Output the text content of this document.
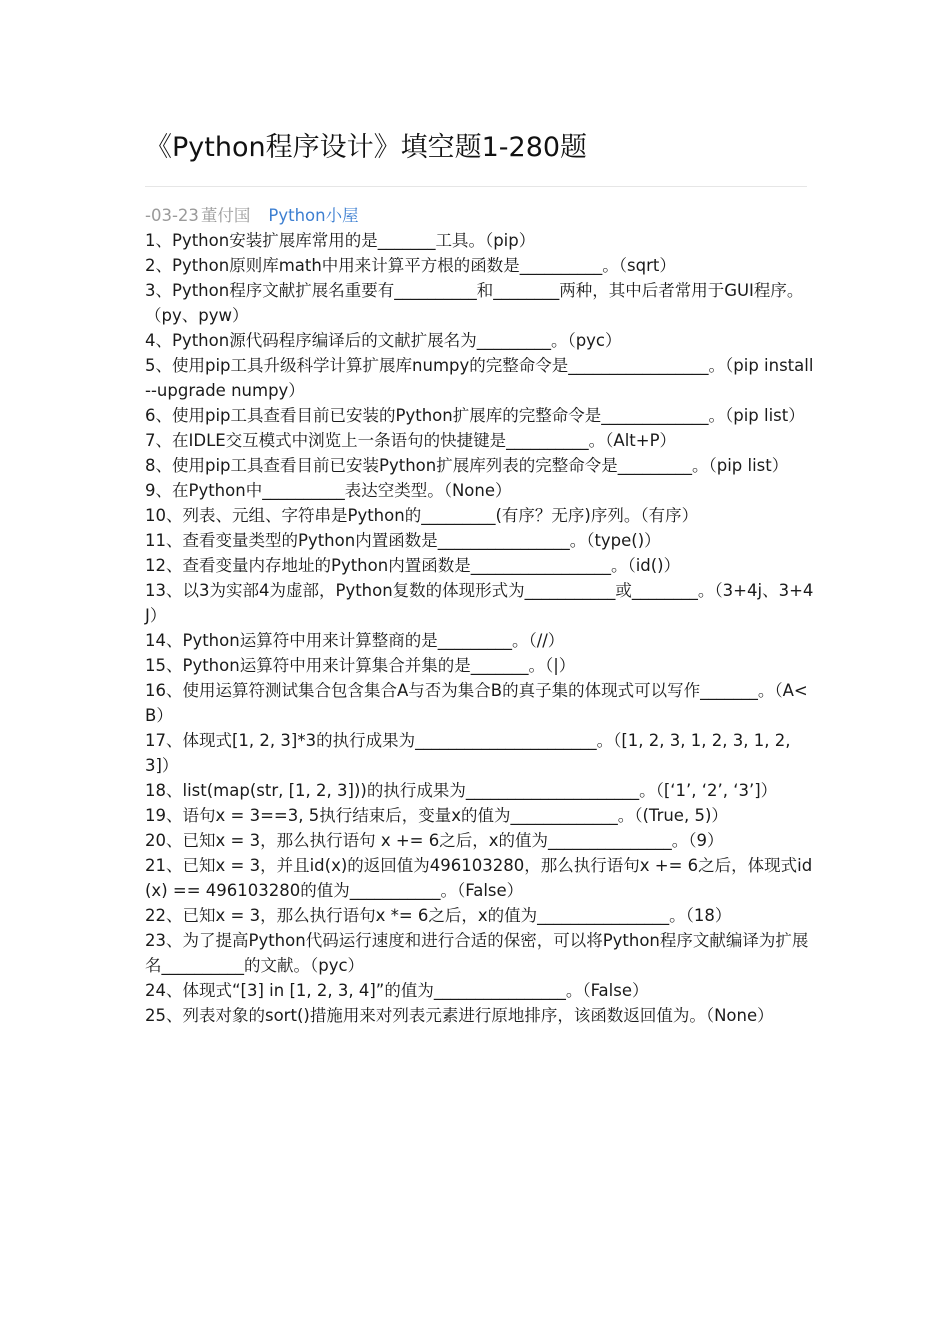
《Python程序设计》填空题1-280题
-03-23 董付国 Python小屋
1、Python安装扩展库常用的是_______工具。（pip）
2、Python原则库math中用来计算平方根的函数是__________。（sqrt）
3、Python程序文献扩展名重要有__________和________两种，其中后者常用于GUI程序。（py、pyw）
4、Python源代码程序编译后的文献扩展名为_________。（pyc）
5、使用pip工具升级科学计算扩展库numpy的完整命令是_________________。（pip install --upgrade numpy）
6、使用pip工具查看目前已安装的Python扩展库的完整命令是_____________。（pip list）
7、在IDLE交互模式中浏览上一条语句的快捷键是__________。（Alt+P）
8、使用pip工具查看目前已安装Python扩展库列表的完整命令是_________。（pip list）
9、在Python中__________表达空类型。（None）
10、列表、元组、字符串是Python的_________(有序？无序)序列。（有序）
11、查看变量类型的Python内置函数是________________。（type()）
12、查看变量内存地址的Python内置函数是_________________。（id()）
13、以3为实部4为虚部，Python复数的体现形式为___________或________。（3+4j、3+4J）
14、Python运算符中用来计算整商的是_________。（//）
15、Python运算符中用来计算集合并集的是_______。（|）
16、使用运算符测试集合包含集合A与否为集合B的真子集的体现式可以写作_______。（A<B）
17、体现式[1, 2, 3]*3的执行成果为______________________。（[1, 2, 3, 1, 2, 3, 1, 2, 3]）
18、list(map(str, [1, 2, 3]))的执行成果为_____________________。（[‘1’, ‘2’, ‘3’]）
19、语句x = 3==3, 5执行结束后，变量x的值为_____________。（(True, 5)）
20、已知x = 3，那么执行语句 x += 6之后，x的值为_______________。（9）
21、已知x = 3，并且id(x)的返回值为496103280，那么执行语句x += 6之后，体现式id(x) == 496103280的值为___________。（False）
22、已知x = 3，那么执行语句x *= 6之后，x的值为________________。（18）
23、为了提高Python代码运行速度和进行合适的保密，可以将Python程序文献编译为扩展名__________的文献。（pyc）
24、体现式“[3] in [1, 2, 3, 4]”的值为________________。（False）
25、列表对象的sort()措施用来对列表元素进行原地排序，该函数返回值为。（None）
